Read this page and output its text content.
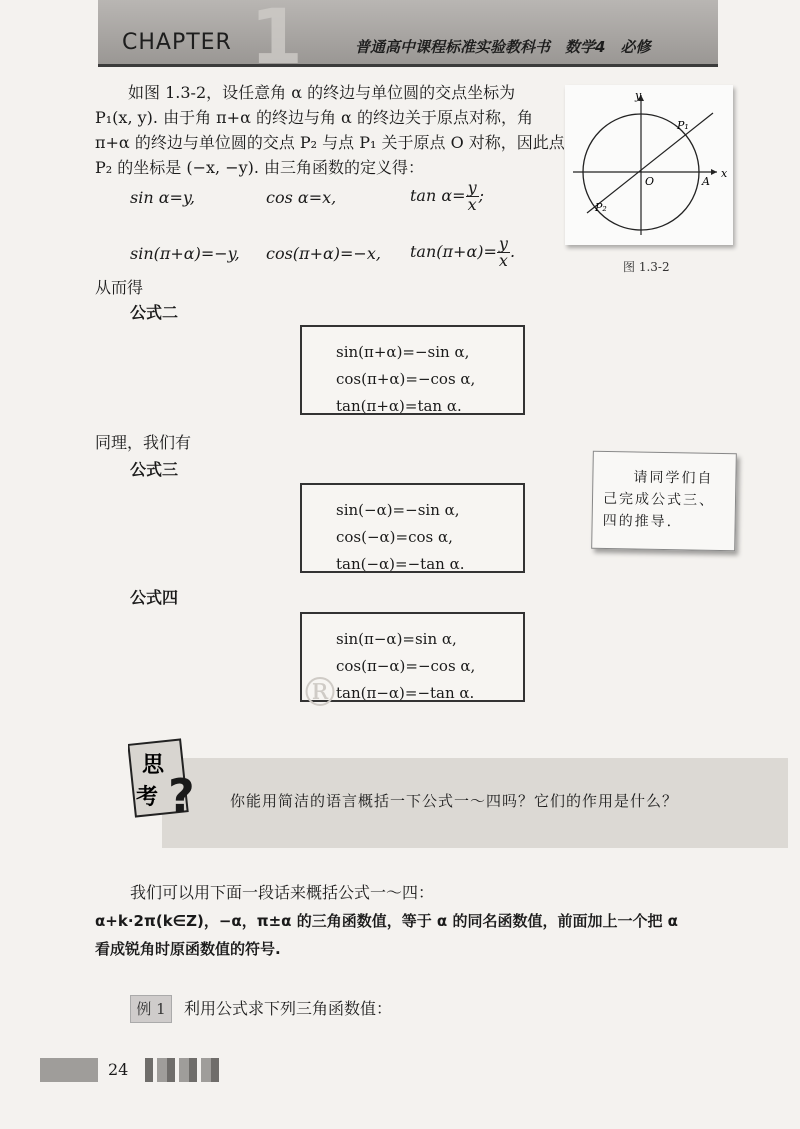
1
CHAPTER	普通高中课程标准实验教科书　数学4　必修
如图 1.3-2，设任意角 α 的终边与单位圆的交点坐标为
P₁(x, y). 由于角 π+α 的终边与角 α 的终边关于原点对称，角
π+α 的终边与单位圆的交点 P₂ 与点 P₁ 关于原点 O 对称，因此点
P₂ 的坐标是 (−x, −y). 由三角函数的定义得：
sin α=y,	cos α=x,	$\tan \alpha= \frac{y}{x}$ ;
sin(π+α)=−y, cos(π+α)=−x, $\tan(\pi+\alpha)= \frac{y}{x}$ .
y
x
O	A
P₁
P₂
图 1.3-2
从而得
公式二
sin(π+α)=−sin α,
cos(π+α)=−cos α,
tan(π+α)=tan α.
同理，我们有
公式三
sin(−α)=−sin α,
cos(−α)=cos α,
tan(−α)=−tan α.
请同学们自己完成公式三、四的推导.
公式四
sin(π−α)=sin α,
cos(π−α)=−cos α,
tan(π−α)=−tan α.
®
思
考 ? 你能用简洁的语言概括一下公式一～四吗？它们的作用是什么？
我们可以用下面一段话来概括公式一～四：
α+k·2π(k∈Z)，−α，π±α 的三角函数值，等于 α 的同名函数值，前面加上一个把 α
看成锐角时原函数值的符号.
例 1	利用公式求下列三角函数值：
24
